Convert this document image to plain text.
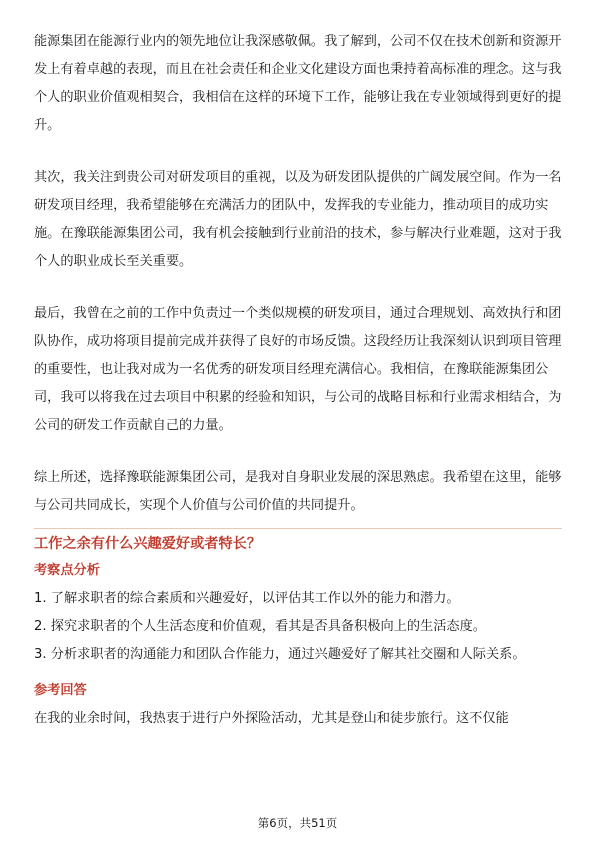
能源集团在能源行业内的领先地位让我深感敬佩。我了解到，公司不仅在技术创新和资源开发上有着卓越的表现，而且在社会责任和企业文化建设方面也秉持着高标准的理念。这与我个人的职业价值观相契合，我相信在这样的环境下工作，能够让我在专业领域得到更好的提升。

其次，我关注到贵公司对研发项目的重视，以及为研发团队提供的广阔发展空间。作为一名研发项目经理，我希望能够在充满活力的团队中，发挥我的专业能力，推动项目的成功实施。在豫联能源集团公司，我有机会接触到行业前沿的技术，参与解决行业难题，这对于我个人的职业成长至关重要。

最后，我曾在之前的工作中负责过一个类似规模的研发项目，通过合理规划、高效执行和团队协作，成功将项目提前完成并获得了良好的市场反馈。这段经历让我深刻认识到项目管理的重要性，也让我对成为一名优秀的研发项目经理充满信心。我相信，在豫联能源集团公司，我可以将我在过去项目中积累的经验和知识，与公司的战略目标和行业需求相结合，为公司的研发工作贡献自己的力量。

综上所述，选择豫联能源集团公司，是我对自身职业发展的深思熟虑。我希望在这里，能够与公司共同成长，实现个人价值与公司价值的共同提升。

工作之余有什么兴趣爱好或者特长？
考察点分析

1. 了解求职者的综合素质和兴趣爱好，以评估其工作以外的能力和潜力。

2. 探究求职者的个人生活态度和价值观，看其是否具备积极向上的生活态度。

3. 分析求职者的沟通能力和团队合作能力，通过兴趣爱好了解其社交圈和人际关系。

参考回答

在我的业余时间，我热衷于进行户外探险活动，尤其是登山和徒步旅行。这不仅能

第6页，共51页
